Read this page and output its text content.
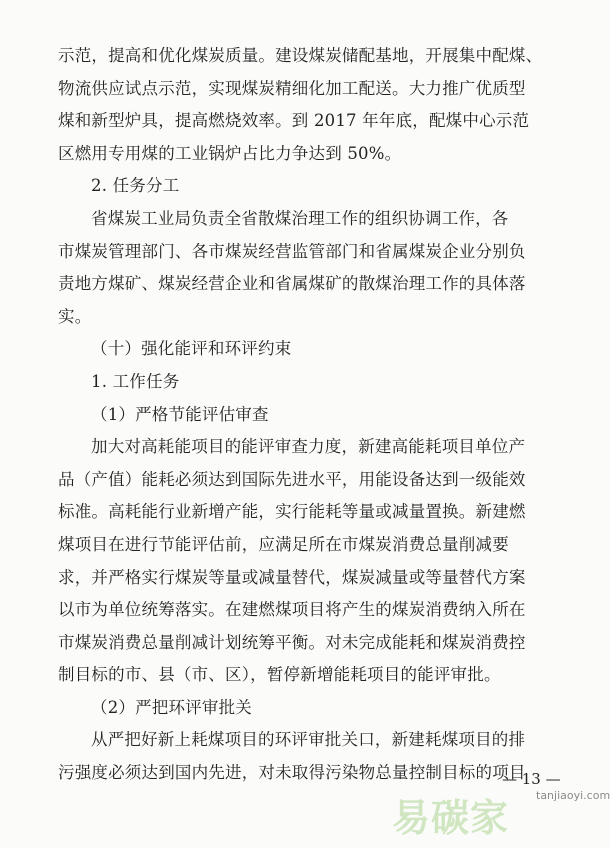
示范，提高和优化煤炭质量。建设煤炭储配基地，开展集中配煤、
物流供应试点示范，实现煤炭精细化加工配送。大力推广优质型
煤和新型炉具，提高燃烧效率。到 2017 年年底，配煤中心示范
区燃用专用煤的工业锅炉占比力争达到 50%。
2. 任务分工
省煤炭工业局负责全省散煤治理工作的组织协调工作，各
市煤炭管理部门、各市煤炭经营监管部门和省属煤炭企业分别负
责地方煤矿、煤炭经营企业和省属煤矿的散煤治理工作的具体落
实。
（十）强化能评和环评约束
1. 工作任务
（1）严格节能评估审查
加大对高耗能项目的能评审查力度，新建高能耗项目单位产
品（产值）能耗必须达到国际先进水平，用能设备达到一级能效
标准。高耗能行业新增产能，实行能耗等量或减量置换。新建燃
煤项目在进行节能评估前，应满足所在市煤炭消费总量削减要
求，并严格实行煤炭等量或减量替代，煤炭减量或等量替代方案
以市为单位统筹落实。在建燃煤项目将产生的煤炭消费纳入所在
市煤炭消费总量削减计划统筹平衡。对未完成能耗和煤炭消费控
制目标的市、县（市、区），暂停新增能耗项目的能评审批。
（2）严把环评审批关
从严把好新上耗煤项目的环评审批关口，新建耗煤项目的排
污强度必须达到国内先进，对未取得污染物总量控制目标的项目
— 13 —
易碳家
tanjiaoyi.com
